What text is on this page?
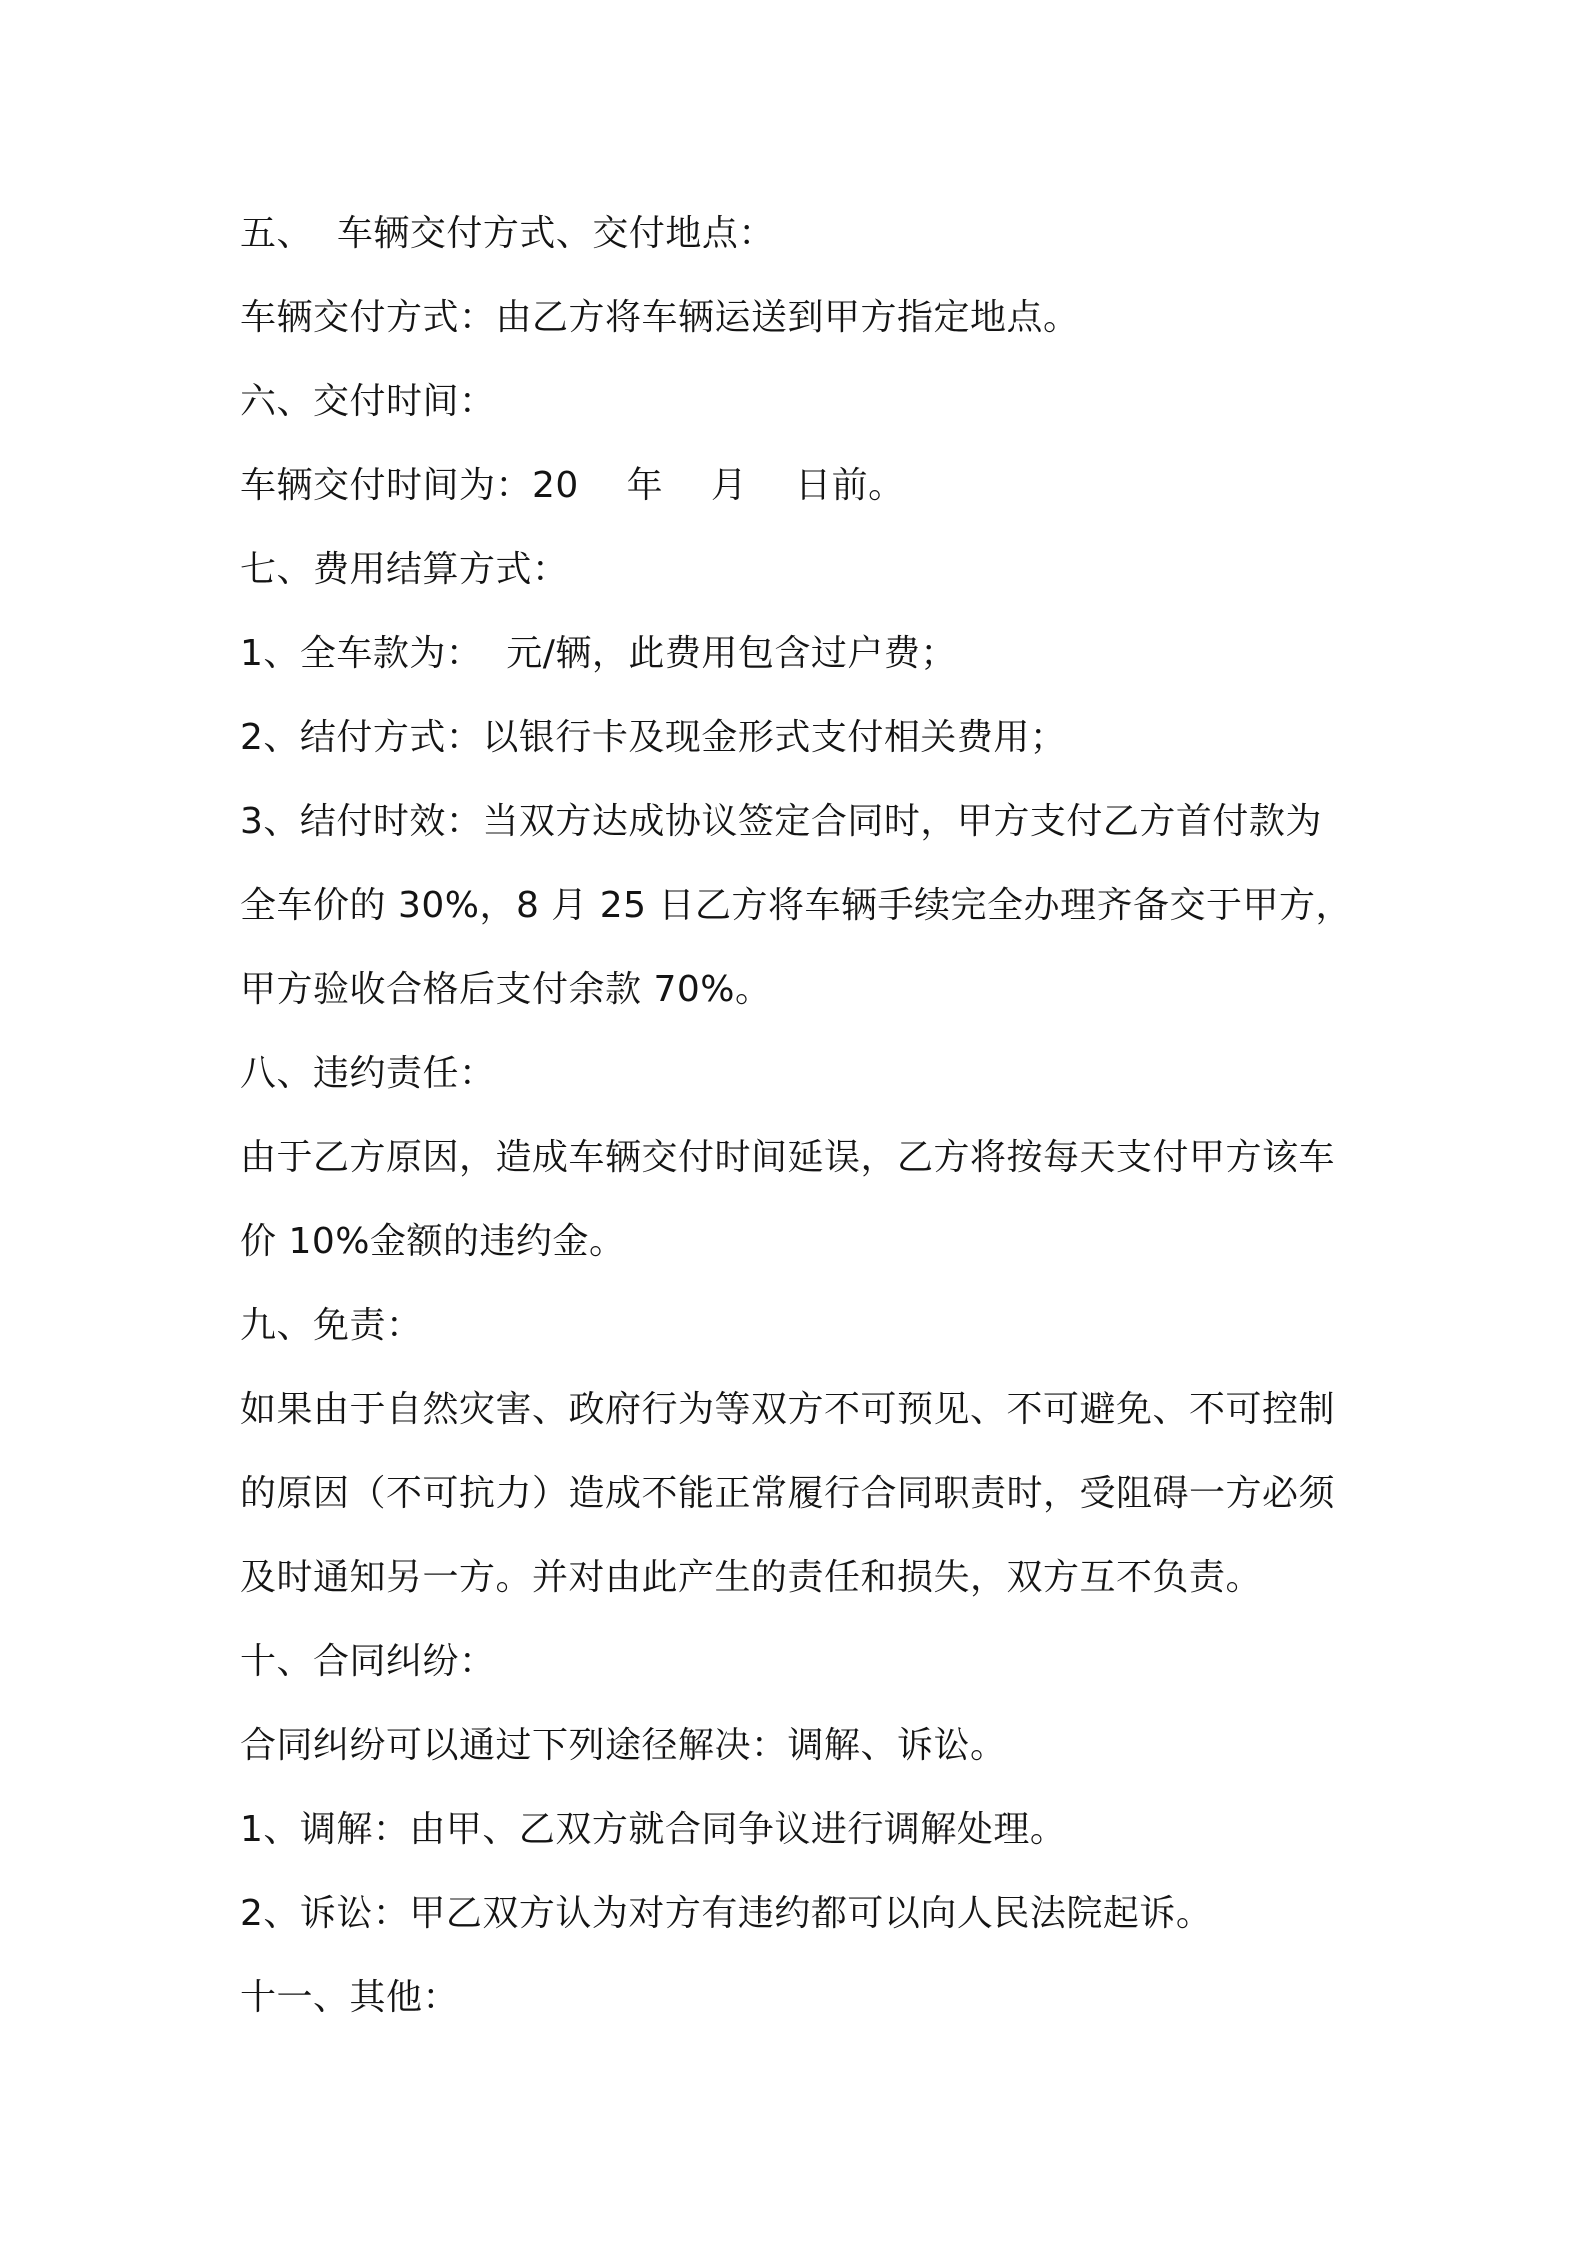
五、  车辆交付方式、交付地点：
车辆交付方式：由乙方将车辆运送到甲方指定地点。
六、交付时间：
车辆交付时间为：20    年    月    日前。
七、费用结算方式：
1、全车款为：  元/辆，此费用包含过户费；
2、结付方式：以银行卡及现金形式支付相关费用；
3、结付时效：当双方达成协议签定合同时，甲方支付乙方首付款为
全车价的 30%，8 月 25 日乙方将车辆手续完全办理齐备交于甲方，
甲方验收合格后支付余款 70%。
八、违约责任：
由于乙方原因，造成车辆交付时间延误，乙方将按每天支付甲方该车
价 10%金额的违约金。
九、免责：
如果由于自然灾害、政府行为等双方不可预见、不可避免、不可控制
的原因（不可抗力）造成不能正常履行合同职责时，受阻碍一方必须
及时通知另一方。并对由此产生的责任和损失，双方互不负责。
十、合同纠纷：
合同纠纷可以通过下列途径解决：调解、诉讼。
1、调解：由甲、乙双方就合同争议进行调解处理。
2、诉讼：甲乙双方认为对方有违约都可以向人民法院起诉。
十一、其他：
